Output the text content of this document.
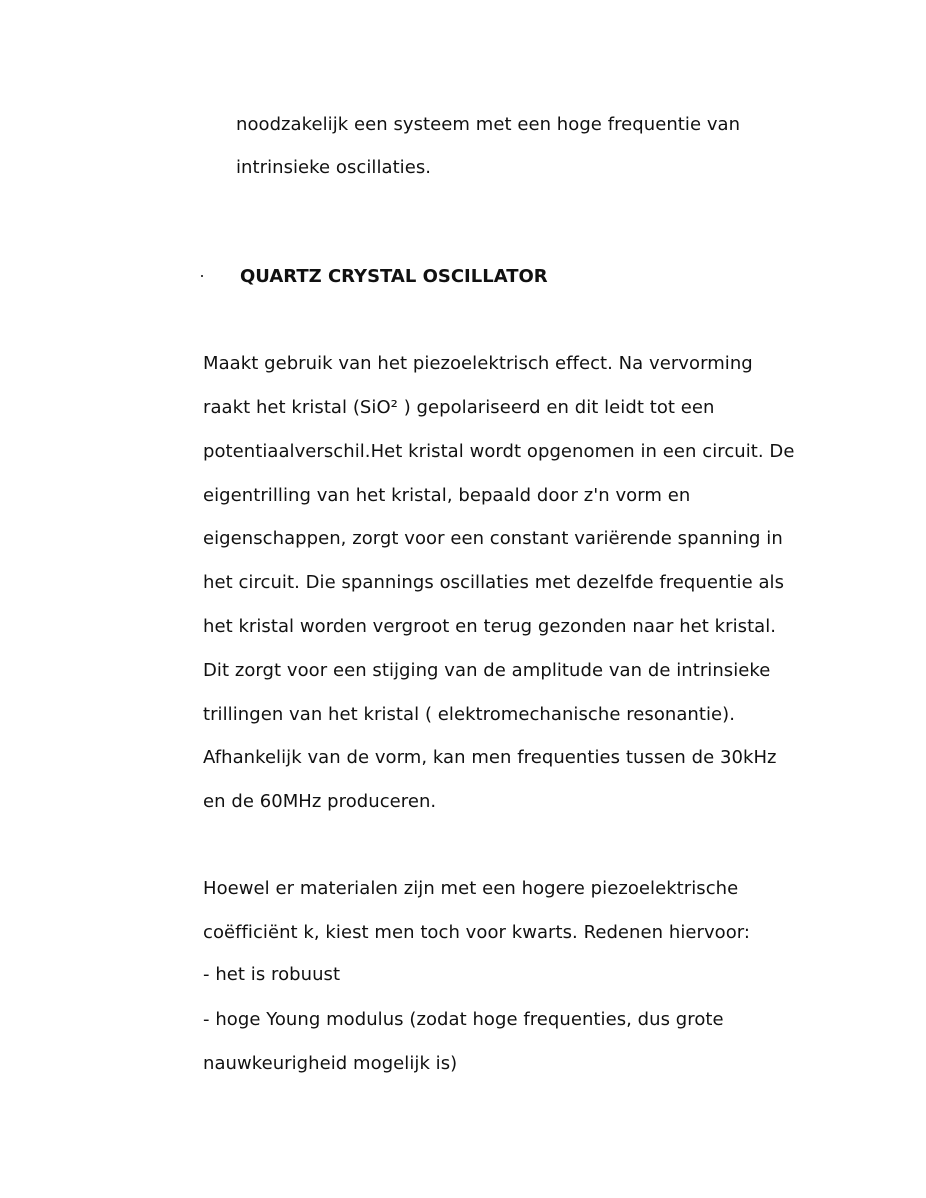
noodzakelijk een systeem met een hoge frequentie van
intrinsieke oscillaties.
QUARTZ CRYSTAL OSCILLATOR
Maakt gebruik van het piezoelektrisch effect. Na vervorming
raakt het kristal (SiO² ) gepolariseerd en dit leidt tot een
potentiaalverschil.Het kristal wordt opgenomen in een circuit. De
eigentrilling van het kristal, bepaald door z'n vorm en
eigenschappen, zorgt voor een constant variërende spanning in
het circuit. Die spannings oscillaties met dezelfde frequentie als
het kristal worden vergroot en terug gezonden naar het kristal.
Dit zorgt voor een stijging van de amplitude van de intrinsieke
trillingen van het kristal ( elektromechanische resonantie).
Afhankelijk van de vorm, kan men frequenties tussen de 30kHz
en de 60MHz produceren.
Hoewel er materialen zijn met een hogere piezoelektrische
coëfficiënt k, kiest men toch voor kwarts. Redenen hiervoor:
- het is robuust
- hoge Young modulus (zodat hoge frequenties, dus grote
nauwkeurigheid mogelijk is)
